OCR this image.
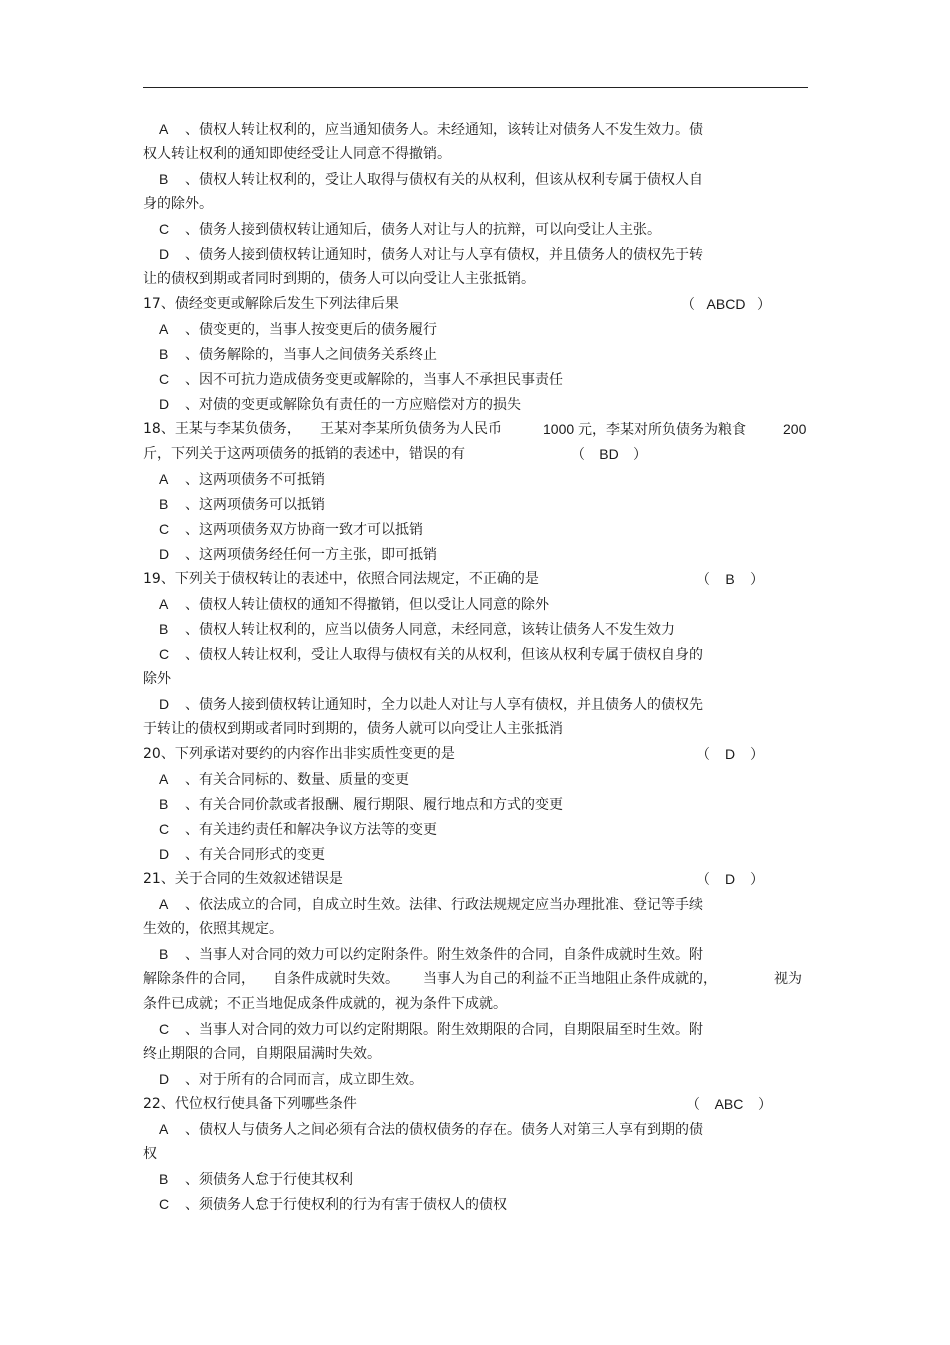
A 、债权人转让权利的，应当通知债务人。未经通知，该转让对债务人不发生效力。债
权人转让权利的通知即使经受让人同意不得撤销。
B 、债权人转让权利的，受让人取得与债权有关的从权利，但该从权利专属于债权人自
身的除外。
C 、债务人接到债权转让通知后，债务人对让与人的抗辩，可以向受让人主张。
D 、债务人接到债权转让通知时，债务人对让与人享有债权，并且债务人的债权先于转
让的债权到期或者同时到期的，债务人可以向受让人主张抵销。
17、债经变更或解除后发生下列法律后果	（ ABCD ）
A 、债变更的，当事人按变更后的债务履行
B 、债务解除的，当事人之间债务关系终止
C 、因不可抗力造成债务变更或解除的，当事人不承担民事责任
D 、对债的变更或解除负有责任的一方应赔偿对方的损失
18、王某与李某负债务， 王某对李某所负债务为人民币	1000 元，李某对所负债务为粮食	200
斤，下列关于这两项债务的抵销的表述中，错误的有	（ BD ）
A 、这两项债务不可抵销
B 、这两项债务可以抵销
C 、这两项债务双方协商一致才可以抵销
D 、这两项债务经任何一方主张，即可抵销
19、下列关于债权转让的表述中，依照合同法规定，不正确的是	（ B ）
A 、债权人转让债权的通知不得撤销，但以受让人同意的除外
B 、债权人转让权利的，应当以债务人同意，未经同意，该转让债务人不发生效力
C 、债权人转让权利，受让人取得与债权有关的从权利，但该从权利专属于债权自身的
除外
D 、债务人接到债权转让通知时，全力以赴人对让与人享有债权，并且债务人的债权先
于转让的债权到期或者同时到期的，债务人就可以向受让人主张抵消
20、下列承诺对要约的内容作出非实质性变更的是	（ D ）
A 、有关合同标的、数量、质量的变更
B 、有关合同价款或者报酬、履行期限、履行地点和方式的变更
C 、有关违约责任和解决争议方法等的变更
D 、有关合同形式的变更
21、关于合同的生效叙述错误是	（ D ）
A 、依法成立的合同，自成立时生效。法律、行政法规规定应当办理批准、登记等手续
生效的，依照其规定。
B 、当事人对合同的效力可以约定附条件。附生效条件的合同，自条件成就时生效。附
解除条件的合同， 自条件成就时失效。 当事人为自己的利益不正当地阻止条件成就的，	视为
条件已成就；不正当地促成条件成就的，视为条件下成就。
C 、当事人对合同的效力可以约定附期限。附生效期限的合同，自期限届至时生效。附
终止期限的合同，自期限届满时失效。
D 、对于所有的合同而言，成立即生效。
22、代位权行使具备下列哪些条件	（ ABC ）
A 、债权人与债务人之间必须有合法的债权债务的存在。债务人对第三人享有到期的债
权
B 、须债务人怠于行使其权利
C 、须债务人怠于行使权利的行为有害于债权人的债权
